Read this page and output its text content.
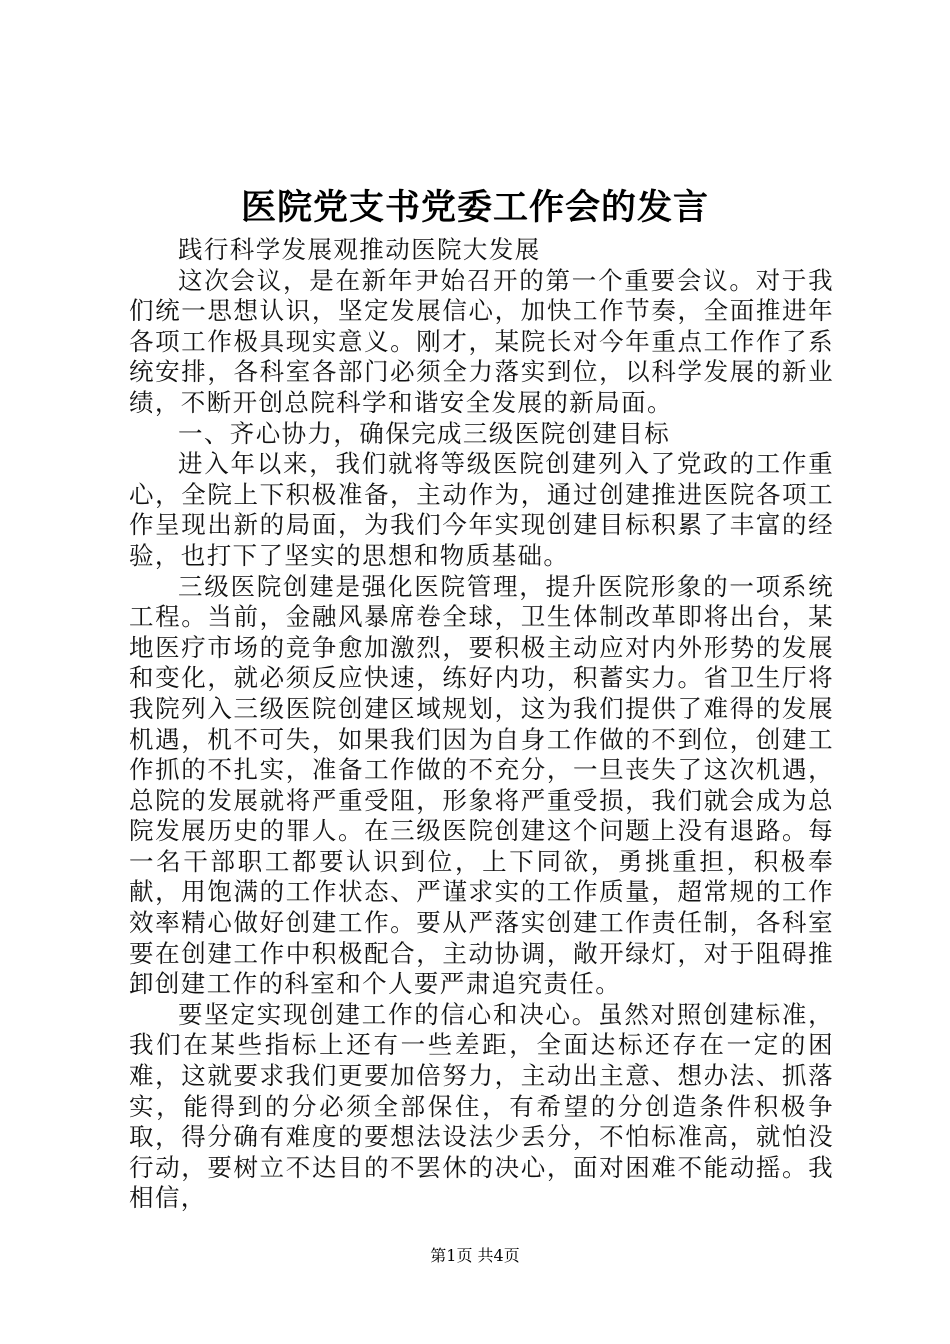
医院党支书党委工作会的发言

践行科学发展观推动医院大发展

这次会议，是在新年尹始召开的第一个重要会议。对于我们统一思想认识，坚定发展信心，加快工作节奏，全面推进年各项工作极具现实意义。刚才，某院长对今年重点工作作了系统安排，各科室各部门必须全力落实到位，以科学发展的新业绩，不断开创总院科学和谐安全发展的新局面。

一、齐心协力，确保完成三级医院创建目标

进入年以来，我们就将等级医院创建列入了党政的工作重心，全院上下积极准备，主动作为，通过创建推进医院各项工作呈现出新的局面，为我们今年实现创建目标积累了丰富的经验，也打下了坚实的思想和物质基础。

三级医院创建是强化医院管理，提升医院形象的一项系统工程。当前，金融风暴席卷全球，卫生体制改革即将出台，某地医疗市场的竞争愈加激烈，要积极主动应对内外形势的发展和变化，就必须反应快速，练好内功，积蓄实力。省卫生厅将我院列入三级医院创建区域规划，这为我们提供了难得的发展机遇，机不可失，如果我们因为自身工作做的不到位，创建工作抓的不扎实，准备工作做的不充分，一旦丧失了这次机遇，总院的发展就将严重受阻，形象将严重受损，我们就会成为总院发展历史的罪人。在三级医院创建这个问题上没有退路。每一名干部职工都要认识到位，上下同欲，勇挑重担，积极奉献，用饱满的工作状态、严谨求实的工作质量，超常规的工作效率精心做好创建工作。要从严落实创建工作责任制，各科室要在创建工作中积极配合，主动协调，敞开绿灯，对于阻碍推卸创建工作的科室和个人要严肃追究责任。

要坚定实现创建工作的信心和决心。虽然对照创建标准，我们在某些指标上还有一些差距，全面达标还存在一定的困难，这就要求我们更要加倍努力，主动出主意、想办法、抓落实，能得到的分必须全部保住，有希望的分创造条件积极争取，得分确有难度的要想法设法少丢分，不怕标准高，就怕没行动，要树立不达目的不罢休的决心，面对困难不能动摇。我相信，

第1页 共4页
